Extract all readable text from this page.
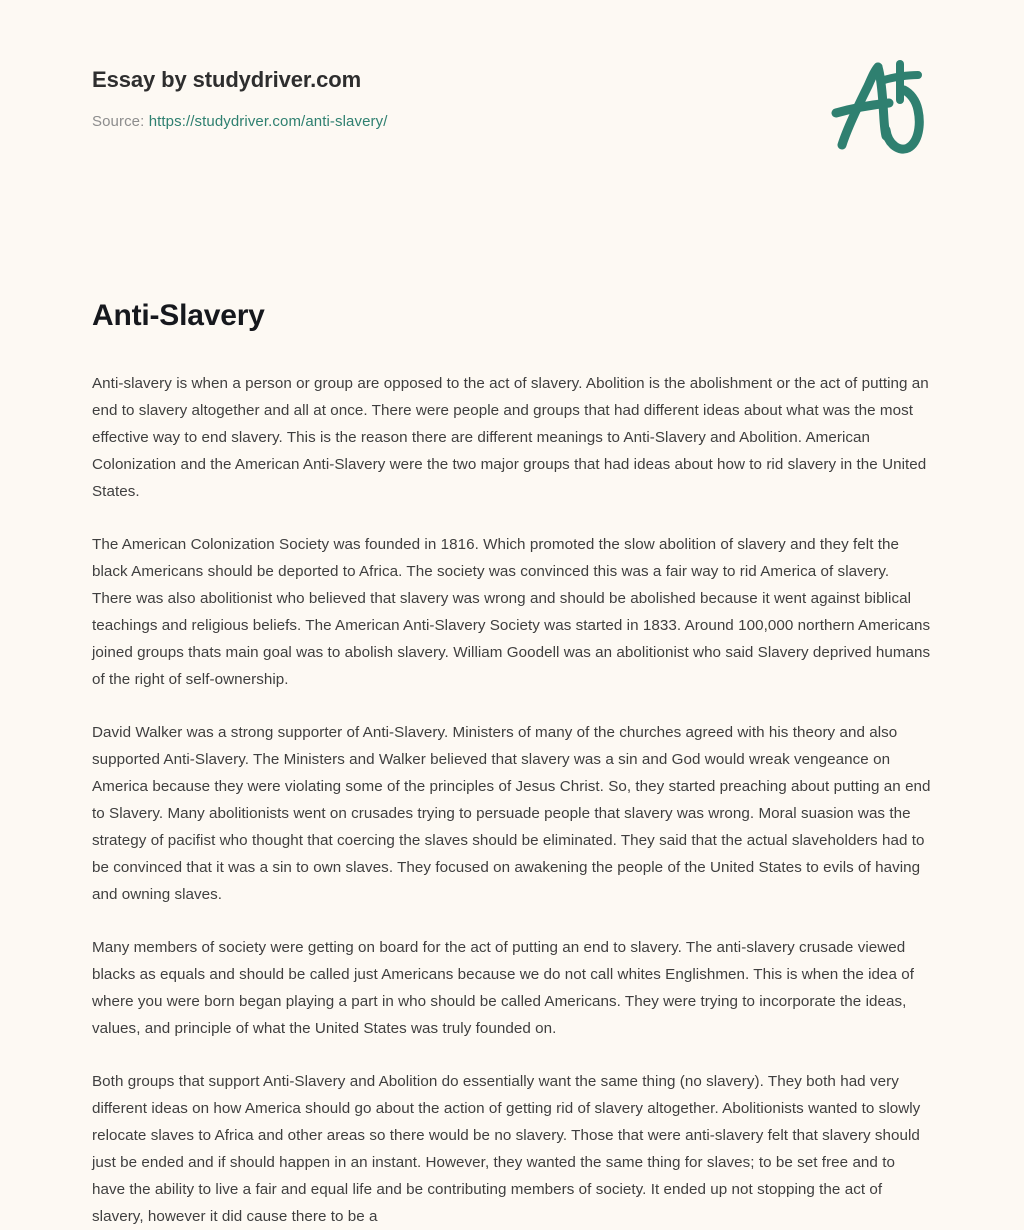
Essay by studydriver.com
Source: https://studydriver.com/anti-slavery/
Anti-Slavery

Anti-slavery is when a person or group are opposed to the act of slavery. Abolition is the abolishment or the act of putting an end to slavery altogether and all at once. There were people and groups that had different ideas about what was the most effective way to end slavery. This is the reason there are different meanings to Anti-Slavery and Abolition. American Colonization and the American Anti-Slavery were the two major groups that had ideas about how to rid slavery in the United States.

The American Colonization Society was founded in 1816. Which promoted the slow abolition of slavery and they felt the black Americans should be deported to Africa. The society was convinced this was a fair way to rid America of slavery. There was also abolitionist who believed that slavery was wrong and should be abolished because it went against biblical teachings and religious beliefs. The American Anti-Slavery Society was started in 1833. Around 100,000 northern Americans joined groups thats main goal was to abolish slavery. William Goodell was an abolitionist who said Slavery deprived humans of the right of self-ownership.

David Walker was a strong supporter of Anti-Slavery. Ministers of many of the churches agreed with his theory and also supported Anti-Slavery. The Ministers and Walker believed that slavery was a sin and God would wreak vengeance on America because they were violating some of the principles of Jesus Christ. So, they started preaching about putting an end to Slavery. Many abolitionists went on crusades trying to persuade people that slavery was wrong. Moral suasion was the strategy of pacifist who thought that coercing the slaves should be eliminated. They said that the actual slaveholders had to be convinced that it was a sin to own slaves. They focused on awakening the people of the United States to evils of having and owning slaves.

Many members of society were getting on board for the act of putting an end to slavery. The anti-slavery crusade viewed blacks as equals and should be called just Americans because we do not call whites Englishmen. This is when the idea of where you were born began playing a part in who should be called Americans. They were trying to incorporate the ideas, values, and principle of what the United States was truly founded on.

Both groups that support Anti-Slavery and Abolition do essentially want the same thing (no slavery). They both had very different ideas on how America should go about the action of getting rid of slavery altogether. Abolitionists wanted to slowly relocate slaves to Africa and other areas so there would be no slavery. Those that were anti-slavery felt that slavery should just be ended and if should happen in an instant. However, they wanted the same thing for slaves; to be set free and to have the ability to live a fair and equal life and be contributing members of society. It ended up not stopping the act of slavery, however it did cause there to be a
